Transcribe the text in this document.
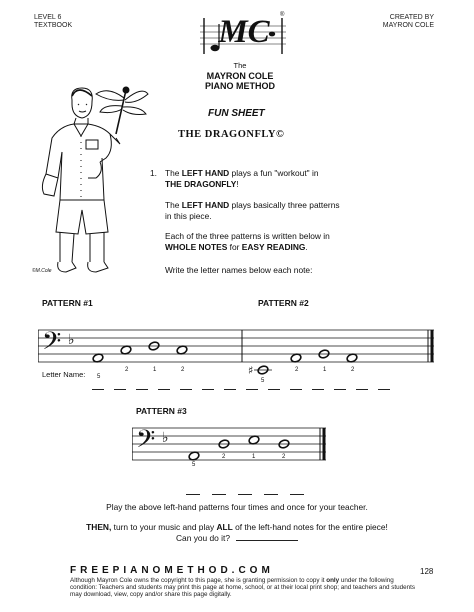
LEVEL 6
TEXTBOOK
CREATED BY
MAYRON COLE
MC ®
The
MAYRON COLE
PIANO METHOD
©M.Cole
FUN SHEET
THE DRAGONFLY©
1. The LEFT HAND plays a fun "workout" in
THE DRAGONFLY!
The LEFT HAND plays basically three patterns
in this piece.
Each of the three patterns is written below in
WHOLE NOTES for EASY READING.
Write the letter names below each note:
PATTERN #1	PATTERN #2
𝄢 ♭
♯
5
2	1	2
5
2	1	2
Letter Name:
PATTERN #3
𝄢 ♭
5
2	1	2
Play the above left-hand patterns four times and once for your teacher.
THEN, turn to your music and play ALL of the left-hand notes for the entire piece!
Can you do it?
FREEPIANOMETHOD.COM	128
Although Mayron Cole owns the copyright to this page, she is granting permission to copy it only under the following condition: Teachers and students may print this page at home, school, or at their local print shop; and teachers and students may download, view, copy and/or share this page digitally.
